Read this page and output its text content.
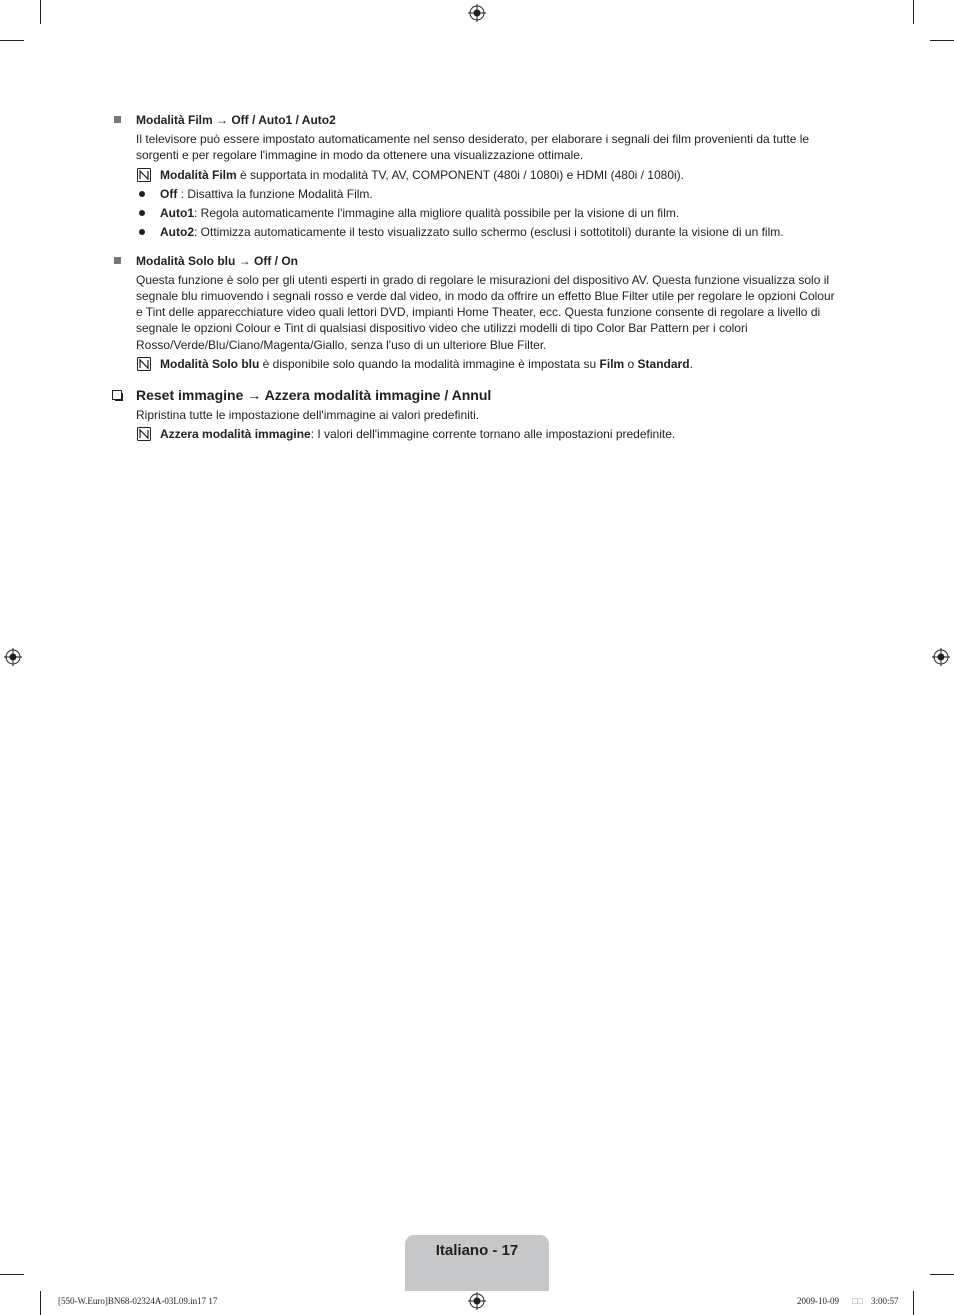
Modalità Film → Off / Auto1 / Auto2
Il televisore può essere impostato automaticamente nel senso desiderato, per elaborare i segnali dei film provenienti da tutte le sorgenti e per regolare l'immagine in modo da ottenere una visualizzazione ottimale.
Modalità Film è supportata in modalità TV, AV, COMPONENT (480i / 1080i) e HDMI (480i / 1080i).
Off : Disattiva la funzione Modalità Film.
Auto1: Regola automaticamente l'immagine alla migliore qualità possibile per la visione di un film.
Auto2: Ottimizza automaticamente il testo visualizzato sullo schermo (esclusi i sottotitoli) durante la visione di un film.
Modalità Solo blu → Off / On
Questa funzione è solo per gli utenti esperti in grado di regolare le misurazioni del dispositivo AV. Questa funzione visualizza solo il segnale blu rimuovendo i segnali rosso e verde dal video, in modo da offrire un effetto Blue Filter utile per regolare le opzioni Colour e Tint delle apparecchiature video quali lettori DVD, impianti Home Theater, ecc. Questa funzione consente di regolare a livello di segnale le opzioni Colour e Tint di qualsiasi dispositivo video che utilizzi modelli di tipo Color Bar Pattern per i colori Rosso/Verde/Blu/Ciano/Magenta/Giallo, senza l'uso di un ulteriore Blue Filter.
Modalità Solo blu è disponibile solo quando la modalità immagine è impostata su Film o Standard.
Reset immagine → Azzera modalità immagine / Annul
Ripristina tutte le impostazione dell'immagine ai valori predefiniti.
Azzera modalità immagine: I valori dell'immagine corrente tornano alle impostazioni predefinite.
Italiano - 17
[550-W.Euro]BN68-02324A-03L09.in17 17	2009-10-09 □□ 3:00:57
